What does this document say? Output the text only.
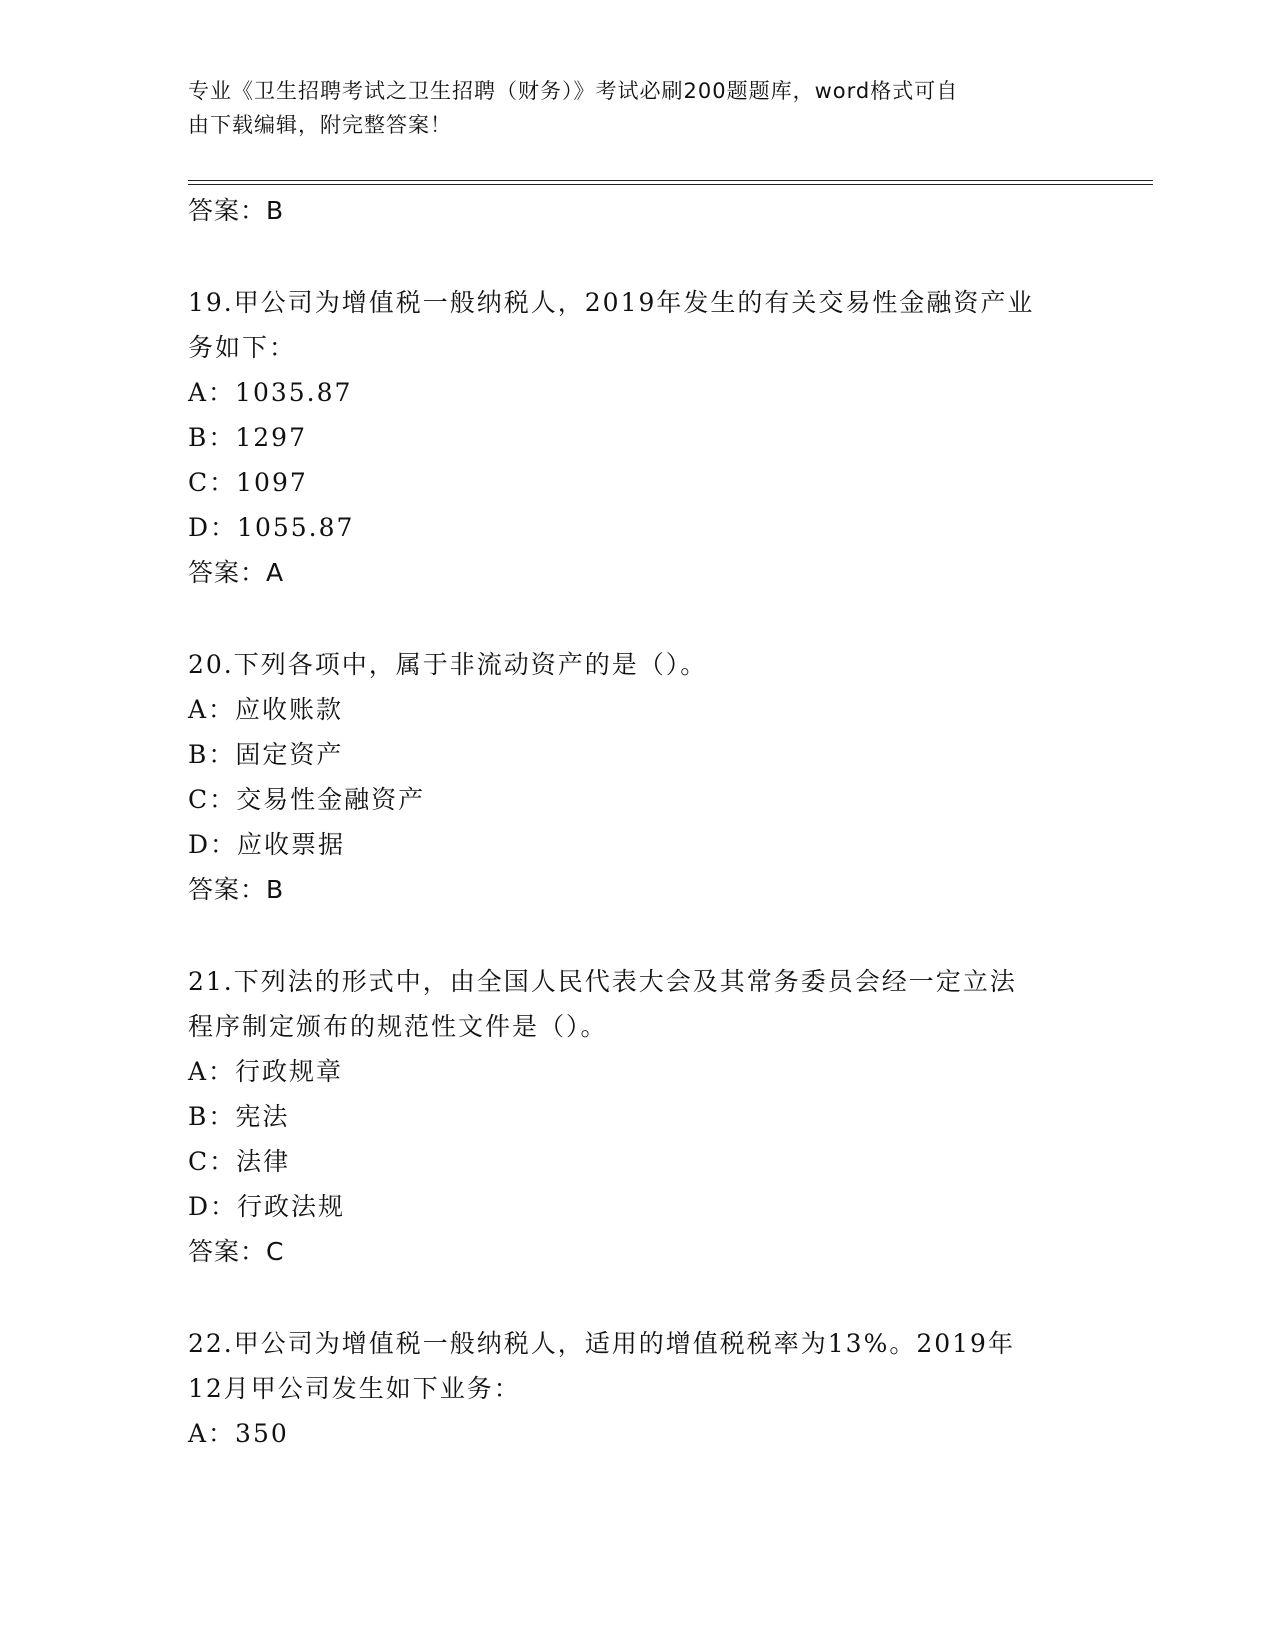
专业《卫生招聘考试之卫生招聘（财务）》考试必刷200题题库，word格式可自
由下载编辑，附完整答案！
答案：B
19.甲公司为增值税一般纳税人，2019年发生的有关交易性金融资产业
务如下：
A：1035.87
B：1297
C：1097
D：1055.87
答案：A
20.下列各项中，属于非流动资产的是（）。
A：应收账款
B：固定资产
C：交易性金融资产
D：应收票据
答案：B
21.下列法的形式中，由全国人民代表大会及其常务委员会经一定立法
程序制定颁布的规范性文件是（）。
A：行政规章
B：宪法
C：法律
D：行政法规
答案：C
22.甲公司为增值税一般纳税人，适用的增值税税率为13%。2019年
12月甲公司发生如下业务：
A：350
